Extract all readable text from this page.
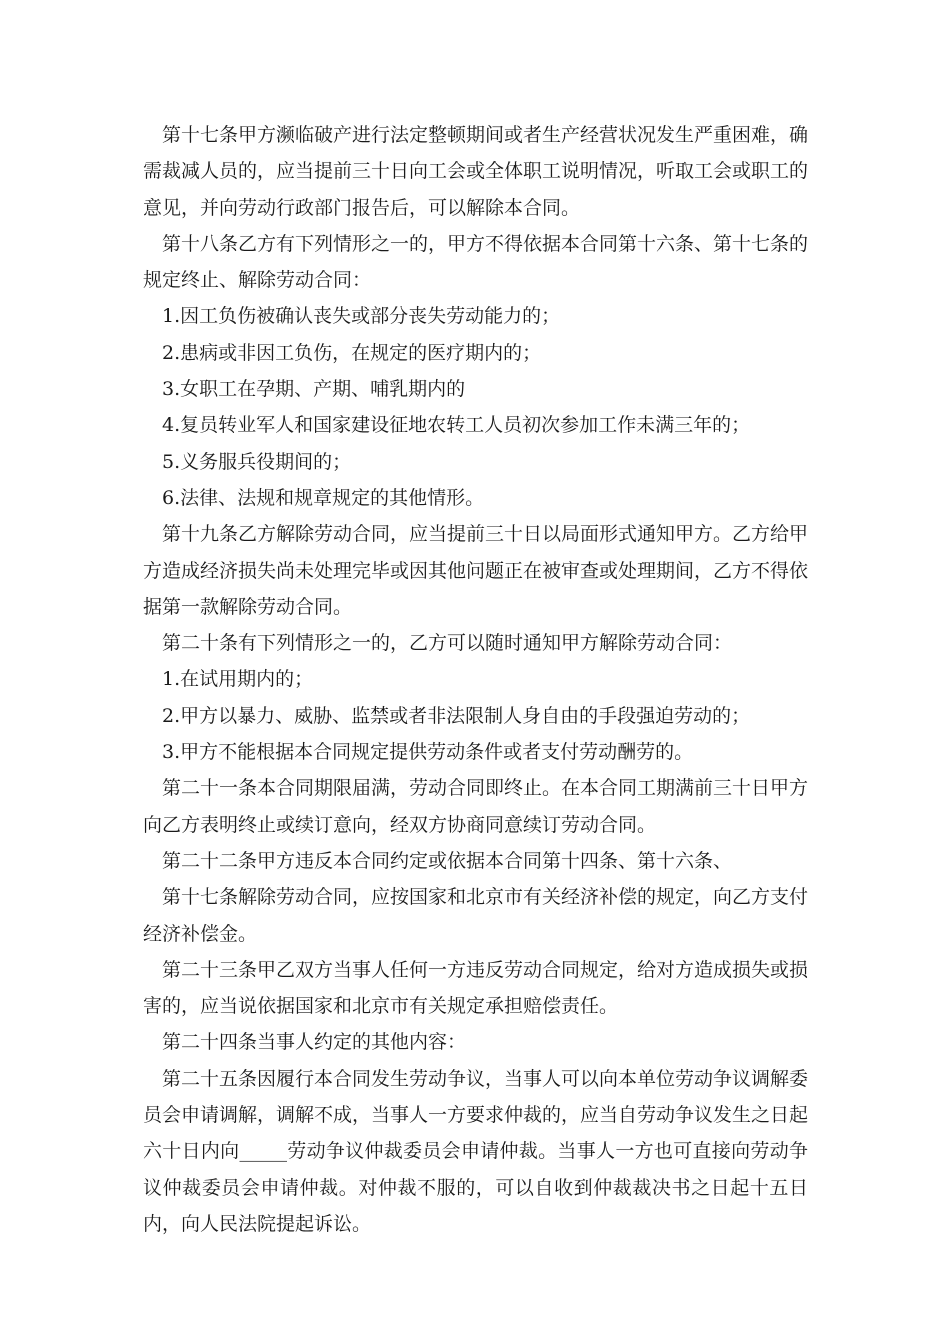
第十七条甲方濒临破产进行法定整顿期间或者生产经营状况发生严重困难，确需裁减人员的，应当提前三十日向工会或全体职工说明情况，听取工会或职工的意见，并向劳动行政部门报告后，可以解除本合同。

第十八条乙方有下列情形之一的，甲方不得依据本合同第十六条、第十七条的规定终止、解除劳动合同：

1.因工负伤被确认丧失或部分丧失劳动能力的；

2.患病或非因工负伤，在规定的医疗期内的；

3.女职工在孕期、产期、哺乳期内的

4.复员转业军人和国家建设征地农转工人员初次参加工作未满三年的；

5.义务服兵役期间的；

6.法律、法规和规章规定的其他情形。

第十九条乙方解除劳动合同，应当提前三十日以局面形式通知甲方。乙方给甲方造成经济损失尚未处理完毕或因其他问题正在被审查或处理期间，乙方不得依据第一款解除劳动合同。

第二十条有下列情形之一的，乙方可以随时通知甲方解除劳动合同：

1.在试用期内的；

2.甲方以暴力、威胁、监禁或者非法限制人身自由的手段强迫劳动的；

3.甲方不能根据本合同规定提供劳动条件或者支付劳动酬劳的。

第二十一条本合同期限届满，劳动合同即终止。在本合同工期满前三十日甲方向乙方表明终止或续订意向，经双方协商同意续订劳动合同。

第二十二条甲方违反本合同约定或依据本合同第十四条、第十六条、

第十七条解除劳动合同，应按国家和北京市有关经济补偿的规定，向乙方支付经济补偿金。

第二十三条甲乙双方当事人任何一方违反劳动合同规定，给对方造成损失或损害的，应当说依据国家和北京市有关规定承担赔偿责任。

第二十四条当事人约定的其他内容：

第二十五条因履行本合同发生劳动争议，当事人可以向本单位劳动争议调解委员会申请调解，调解不成，当事人一方要求仲裁的，应当自劳动争议发生之日起六十日内向_____劳动争议仲裁委员会申请仲裁。当事人一方也可直接向劳动争议仲裁委员会申请仲裁。对仲裁不服的，可以自收到仲裁裁决书之日起十五日内，向人民法院提起诉讼。
